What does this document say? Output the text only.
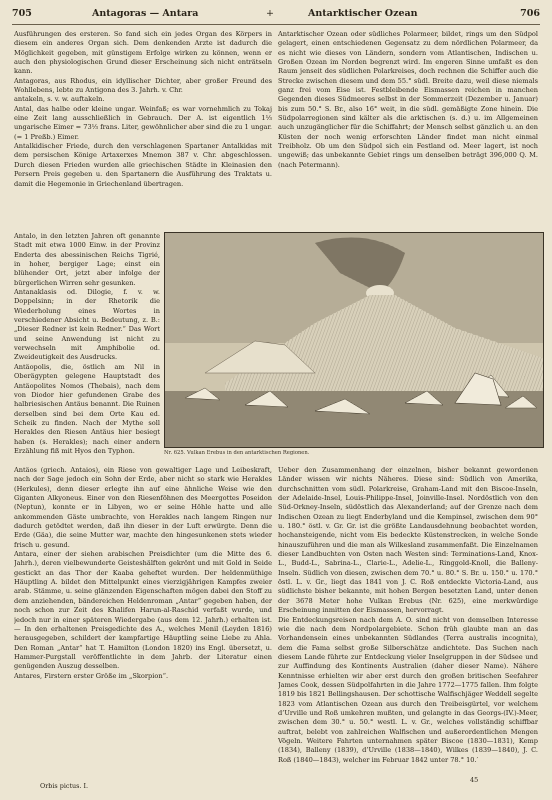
705	Antagoras — Antara	+	Antarktischer Ozean	706

Ausführungen des ersteren. So fand sich ein jedes Organ des Körpers in diesem ein anderes Organ sich. Dem denkenden Arzte ist dadurch die Möglichkeit gegeben, mit günstigem Erfolge wirken zu können, wenn er auch den physiologischen Grund dieser Erscheinung sich nicht enträtseln kann.

Antagoras, aus Rhodus, ein idyllischer Dichter, aber großer Freund des Wohllebens, lebte zu Antigona des 3. Jahrh. v. Chr.

antakeln, s. v. w. auftakeln.

Antal, das halbe oder kleine ungar. Weinfaß; es war vornehmlich zu Tokaj eine Zeit lang ausschließlich in Gebrauch. Der A. ist eigentlich 1⅓ ungarische Eimer = 73⅓ frans. Liter, gewöhnlicher aber sind die zu 1 ungar. (= 1 Preßb.) Eimer.

Antalkidischer Friede, durch den verschlagenen Spartaner Antalkidas mit dem persischen Könige Artaxerxes Mnemon 387 v. Chr. abgeschlossen. Durch diesen Frieden wurden alle griechischen Städte in Kleinasien den Persern Preis gegeben u. den Spartanern die Ausführung des Traktats u. damit die Hegemonie in Griechenland übertragen.

Antalo, in den letzten Jahren oft genannte Stadt mit etwa 1000 Einw. in der Provinz Enderta des abessinischen Reichs Tigrié, in hoher, bergiger Lage; einst ein blühender Ort, jetzt aber infolge der bürgerlichen Wirren sehr gesunken.

Antanaklasis od. Dilogie, f. v. w. Doppelsinn; in der Rhetorik die Wiederholung eines Wortes in verschiedener Absicht u. Bedeutung, z. B.: „Dieser Redner ist kein Redner.“ Das Wort und seine Anwendung ist nicht zu verwechseln mit Amphibolie od. Zweideutigkeit des Ausdrucks.

Antäopolis, die, östlich am Nil in Oberägypten gelegene Hauptstadt des Antäopolites Nomos (Thebais), nach dem von Diodor hier gefundenen Grabe des halbriesischen Antäus benannt. Die Ruinen derselben sind bei dem Orte Kau ed. Scheik zu finden. Nach der Mythe soll Herakles den Riesen Antäus hier besiegt haben (s. Herakles); nach einer andern Erzählung fiß mit Hyos den Typhon.

Antarktischer Ozean oder südliches Polarmeer, bildet, rings um den Südpol gelagert, einen entschiedenen Gegensatz zu dem nördlichen Polarmeer, da es nicht wie dieses von Ländern, sondern vom Atlantischen, Indischen u. Großen Ozean im Norden begrenzt wird. Im engeren Sinne umfaßt es den Raum jenseit des südlichen Polarkreises, doch rechnen die Schiffer auch die Strecke zwischen diesem und dem 55.° südl. Breite dazu, weil diese niemals ganz frei vom Eise ist. Festbleibende Eismassen reichen in manchen Gegenden dieses Südmeeres selbst in der Sommerzeit (Dezember u. Januar) bis zum 50.° S. Br., also 16° weit, in die südl. gemäßigte Zone hinein. Die Südpolarregionen sind kälter als die arktischen (s. d.) u. im Allgemeinen auch unzugänglicher für die Schiffahrt; der Mensch selbst gänzlich u. an den Küsten der noch wenig erforschten Länder findet man nicht einmal Treibholz. Ob um den Südpol sich ein Festland od. Meer lagert, ist noch ungewiß; das unbekannte Gebiet rings um denselben beträgt 396,000 Q. M. (nach Petermann).

Nr. 625. Vulkan Erebus in den antarktischen Regionen.

Antäos (griech. Antaios), ein Riese von gewaltiger Lage und Leibeskraft, nach der Sage jedoch ein Sohn der Erde, aber nicht so stark wie Herakles (Herkules), denn dieser erlegte ihn auf eine ähnliche Weise wie den Giganten Alkyoneus. Einer von den Riesenföhnen des Meergottes Poseidon (Neptun), konnte er in Libyen, wo er seine Höhle hatte und alle ankommenden Gäste umbrachte, von Herakles nach langem Ringen nur dadurch getödtet werden, daß ihn dieser in der Luft erwürgte. Denn die Erde (Gäa), die seine Mutter war, machte den hingesunkenen stets wieder frisch u. gesund.

Antara, einer der siehen arabischen Preisdichter (um die Mitte des 6. Jahrh.), deren vielbewunderte Geisteshälften gekrönt und mit Gold in Seide gestickt an das Thor der Kaaba geheftet wurden. Der heldenmüthige Häuptling A. bildet den Mittelpunkt eines vierzigjährigen Kampfes zweier arab. Stämme, u. seine glänzenden Eigenschaften mögen dabei den Stoff zu dem anziehenden, bändereichen Heldenroman „Antar“ gegeben haben, der noch schon zur Zeit des Khalifen Harun-al-Raschid verfaßt wurde, und jedoch nur in einer späteren Wiedergabe (aus dem 12. Jahrh.) erhalten ist. — In den erhaltenen Preisgedichte des A., welches Menil (Leyden 1816) herausgegeben, schildert der kampfartige Häuptling seine Liebe zu Ahla. Den Roman „Antar“ hat T. Hamilton (London 1820) ins Engl. übersetzt, u. Hammer-Purgstall veröffentlichte in dem Jahrb. der Literatur einen genügenden Auszug desselben.

Antares, Firstern erster Größe im „Skorpion“.

Ueber den Zusammenhang der einzelnen, bisher bekannt gewordenen Länder wissen wir nichts Näheres. Diese sind: Südlich von Amerika, durchschnitten vom südl. Polarkreise, Graham-Land mit den Biscoe-Inseln, der Adelaide-Insel, Louis-Philippe-Insel, Joinville-Insel. Nordöstlich von den Süd-Orkney-Inseln, südöstlich das Alexanderland; auf der Grenze nach dem Indischen Ozean zu liegt Enderbyland und die Kempinsel, zwischen dem 90° u. 180.° östl. v. Gr. Gr. ist die größte Landausdehnung beobachtet worden, hochansteigende, nicht vom Eis bedeckte Küstenstrecken, in welche Sonde hinauszuführen und die man als Wilkesland zusammenfaßt. Die Einzelnamen dieser Landbuchten von Osten nach Westen sind: Terminations-Land, Knox-L., Budd-L., Sabrina-L., Clarie-L., Adelie-L., Ringgold-Knoll, die Balleny-Inseln. Südlich von diesen, zwischen dem 70.° u. 80.° S. Br. u. 150.° u. 170.° östl. L. v. Gr., liegt das 1841 von J. C. Roß entdeckte Victoria-Land, aus südlichste bisher bekannte, mit hohen Bergen besetzten Land, unter denen der 3678 Meter hohe Vulkan Erebus (Nr. 625), eine merkwürdige Erscheinung inmitten der Eismassen, hervorragt.

Die Entdeckungsreisen nach dem A. O. sind nicht von demselben Interesse wie die nach dem Nordpolargebiete. Schon früh glaubte man an das Vorhandensein eines unbekannten Südlandes (Terra australis incognita), dem die Fama selbst große Silberschätze andichtete. Das Suchen nach diesem Lande führte zur Entdeckung vieler Inselgruppen in der Südsee und zur Auffindung des Kontinents Australien (daher dieser Name). Nähere Kenntnisse erhielten wir aber erst durch den großen britischen Seefahrer James Cook, dessen Südpolfahrten in die Jahre 1772—1775 fallen. Ihm folgte 1819 bis 1821 Bellingshausen. Der schottische Walfischjäger Weddell segelte 1823 vom Atlantischen Ozean aus durch den Treibeisgürtel, vor welchem d’Urville und Roß umkehren mußten, und gelangte in das Georgs-(IV.)-Meer, zwischen dem 30.° u. 50.° westl. L. v. Gr., welches vollständig schiffbar auftrat, belebt von zahlreichen Walfischen und außerordentlichen Mengen Vögeln. Weitere Fahrten unternahmen später Biscoe (1830—1831), Kemp (1834), Balleny (1839), d’Urville (1838—1840), Wilkes (1839—1840), J. C. Roß (1840—1843), welcher im Februar 1842 unter 78.° 10.′

Orbis pictus. I.
45
